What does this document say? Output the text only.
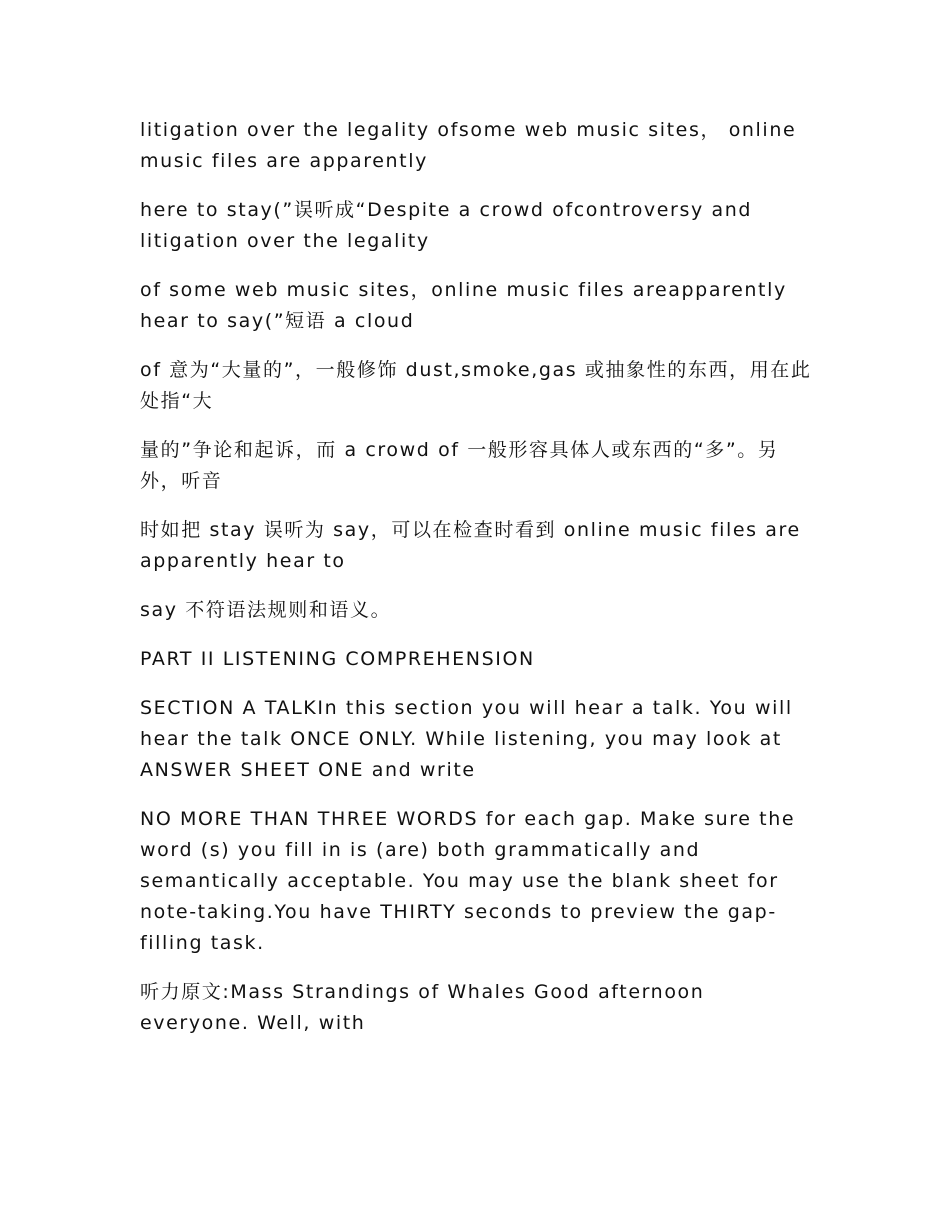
litigation over the legality ofsome web music sites， online music files are apparently

here to stay(”误听成“Despite a crowd ofcontroversy and litigation over the legality

of some web music sites，online music files areapparently hear to say(”短语 a cloud

of 意为“大量的”，一般修饰 dust,smoke,gas 或抽象性的东西，用在此处指“大

量的”争论和起诉，而 a crowd of 一般形容具体人或东西的“多”。另外，听音

时如把 stay 误听为 say，可以在检查时看到 online music files are apparently hear to

say 不符语法规则和语义。

PART II LISTENING COMPREHENSION

SECTION A TALKIn this section you will hear a talk. You will hear the talk ONCE ONLY. While listening, you may look at ANSWER SHEET ONE and write

NO MORE THAN THREE WORDS for each gap. Make sure the word (s) you fill in is (are) both grammatically and semantically acceptable. You may use the blank sheet for note-taking.You have THIRTY seconds to preview the gap-filling task.

听力原文:Mass Strandings of Whales Good afternoon everyone. Well, with
